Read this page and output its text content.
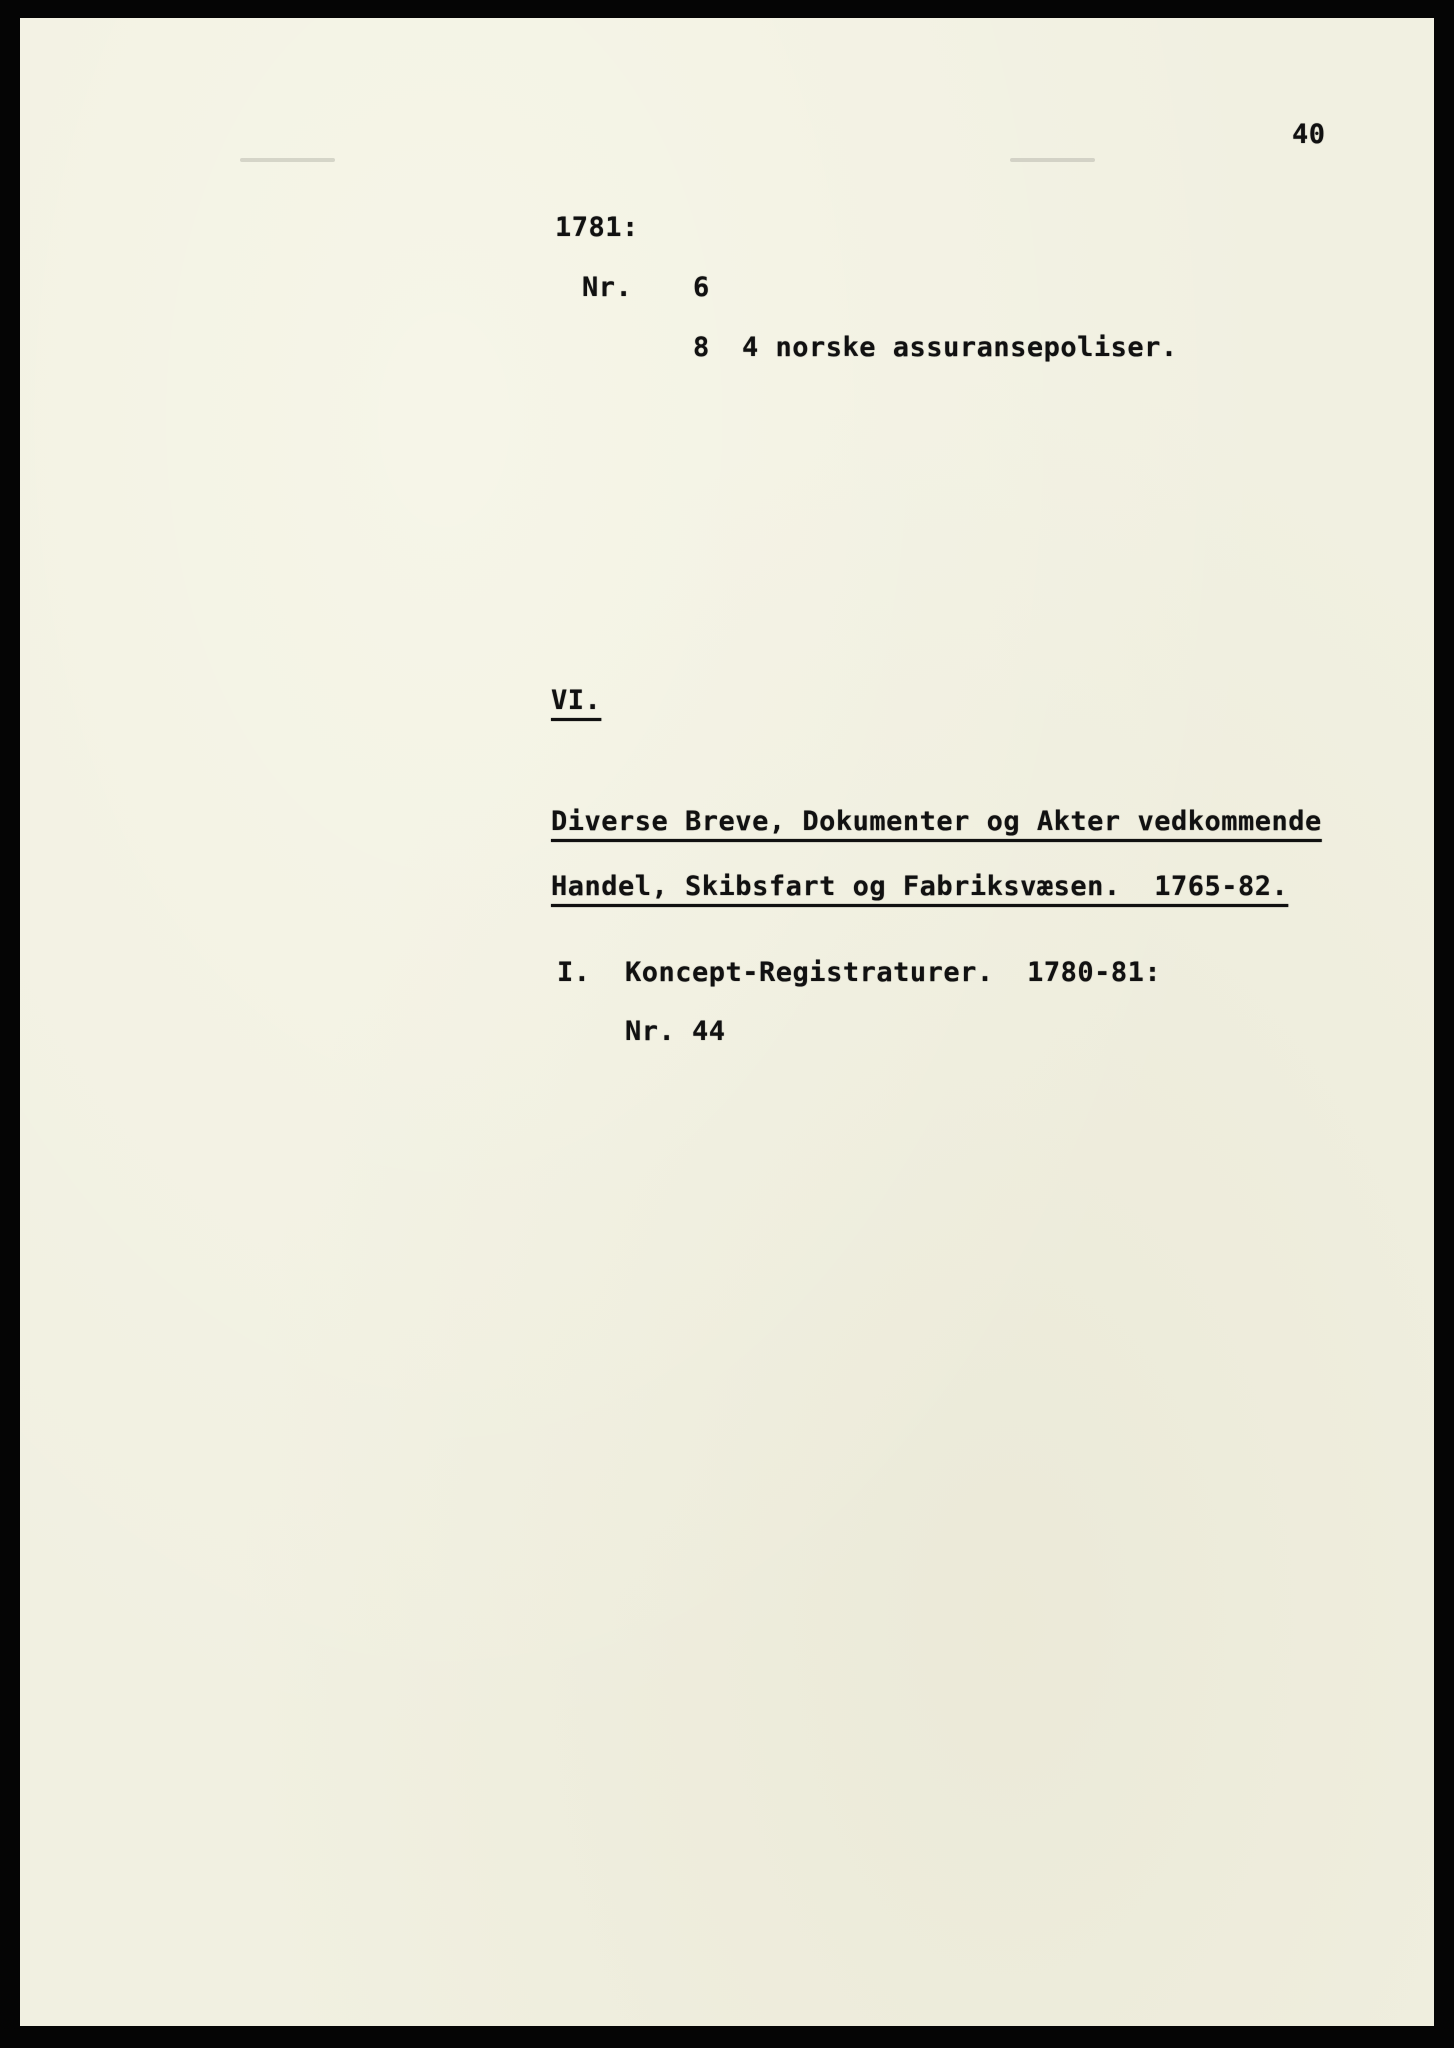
40
1781:
Nr. 6
8 4 norske assuransepoliser.
VI.
Diverse Breve, Dokumenter og Akter vedkommende
Handel, Skibsfart og Fabriksvæsen.  1765-82.
I. Koncept-Registraturer.  1780-81:
Nr. 44
